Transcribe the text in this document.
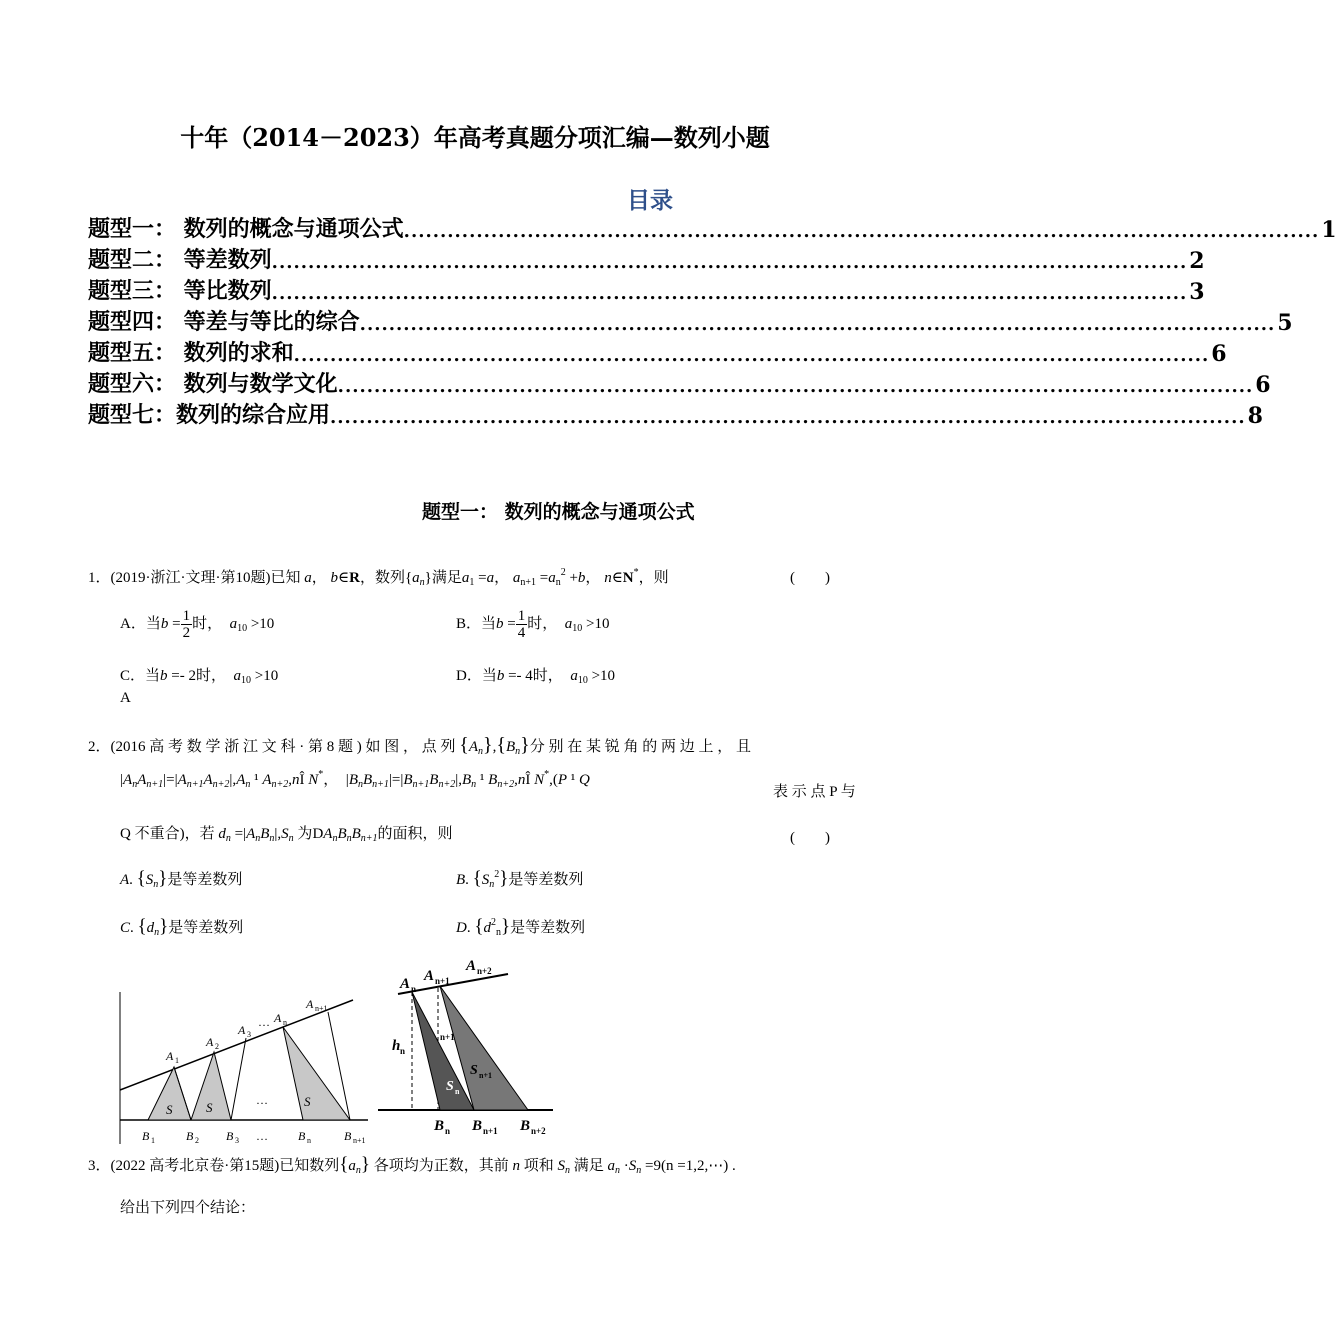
十年（2014－2023）年高考真题分项汇编—数列小题
目录
题型一： 数列的概念与通项公式 .............................................................................................................................. 1
题型二： 等差数列 .............................................................................................................................. 2
题型三： 等比数列 .............................................................................................................................. 3
题型四： 等差与等比的综合 .............................................................................................................................. 5
题型五： 数列的求和 .............................................................................................................................. 6
题型六： 数列与数学文化 .............................................................................................................................. 6
题型七：数列的综合应用 .............................................................................................................................. 8
题型一： 数列的概念与通项公式
1．(2019·浙江·文理·第10题)已知 a， b∈R，数列$\{a_n\}$满足$a_1 =a$， $a_{n+1} =a_n^2 +b$， n∈N*，则	(　　)
A．当$b = \frac{1}{2}$ 时，　$a_{10} >10$	B．当$b = \frac{1}{4}$ 时，　$a_{10} >10$
C．当b =- 2时，　$a_{10} >10$	D．当b =- 4时，　$a_{10} >10$
A
2．(2016 高 考 数 学 浙 江 文 科 · 第 8 题 ) 如 图 ， 点 列 $\{A_n\},\{B_n\}$分 别 在 某 锐 角 的 两 边 上 ， 且
$|A_nA_{n+1}|=|A_{n+1}A_{n+2}|,A_n$ ¹ $A_{n+2},nÎ$ N*，　$|B_nB_{n+1}|=|B_{n+1}B_{n+2}|,B_n$ ¹ $B_{n+2},nÎ$ N*,(P ¹ Q
表 示 点 P 与
Q 不重合)，若 $d_n =|A_nB_n|,S_n$ 为$DA_nB_nB_{n+1}$的面积，则	(　　)
A. $\{S_n\}$是等差数列	B. $\{S_n^2\}$是等差数列
C. $\{d_n\}$是等差数列	D. $\{d^2_n\}$是等差数列
S	S	S
…
…
…
A 1
A 2
A 3
A n
A n+1
B 1	B 2 B 3	B n	B n+1
A n
A n+1
A n+2
h n
n+1
S n
S n+1
B n B n+1 B n+2
3．(2022 高考北京卷·第15题)已知数列$\{a_n\}$ 各项均为正数，其前 n 项和 $S_n$ 满足 $a_n \cdot S_n =9(n$ =1,2,⋯) .
给出下列四个结论：
